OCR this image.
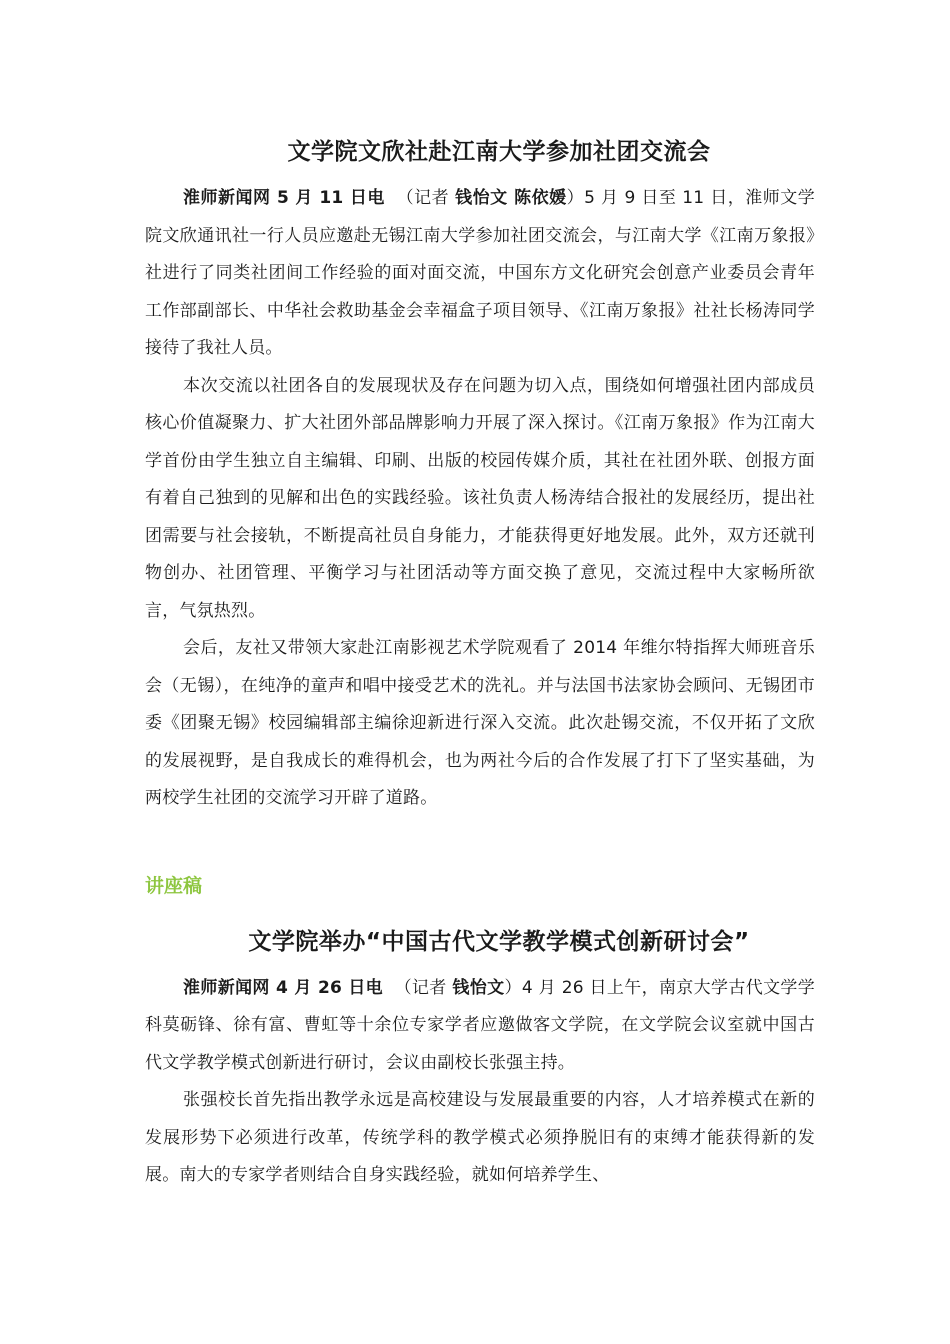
文学院文欣社赴江南大学参加社团交流会

淮师新闻网 5 月 11 日电 （记者 钱怡文 陈依媛）5 月 9 日至 11 日，淮师文学院文欣通讯社一行人员应邀赴无锡江南大学参加社团交流会，与江南大学《江南万象报》社进行了同类社团间工作经验的面对面交流，中国东方文化研究会创意产业委员会青年工作部副部长、中华社会救助基金会幸福盒子项目领导、《江南万象报》社社长杨涛同学接待了我社人员。

本次交流以社团各自的发展现状及存在问题为切入点，围绕如何增强社团内部成员核心价值凝聚力、扩大社团外部品牌影响力开展了深入探讨。《江南万象报》作为江南大学首份由学生独立自主编辑、印刷、出版的校园传媒介质，其社在社团外联、创报方面有着自己独到的见解和出色的实践经验。该社负责人杨涛结合报社的发展经历，提出社团需要与社会接轨，不断提高社员自身能力，才能获得更好地发展。此外，双方还就刊物创办、社团管理、平衡学习与社团活动等方面交换了意见，交流过程中大家畅所欲言，气氛热烈。

会后，友社又带领大家赴江南影视艺术学院观看了 2014 年维尔特指挥大师班音乐会（无锡），在纯净的童声和唱中接受艺术的洗礼。并与法国书法家协会顾问、无锡团市委《团聚无锡》校园编辑部主编徐迎新进行深入交流。此次赴锡交流，不仅开拓了文欣的发展视野，是自我成长的难得机会，也为两社今后的合作发展了打下了坚实基础，为两校学生社团的交流学习开辟了道路。

讲座稿
文学院举办“中国古代文学教学模式创新研讨会”

淮师新闻网 4 月 26 日电 （记者 钱怡文）4 月 26 日上午，南京大学古代文学学科莫砺锋、徐有富、曹虹等十余位专家学者应邀做客文学院，在文学院会议室就中国古代文学教学模式创新进行研讨，会议由副校长张强主持。

张强校长首先指出教学永远是高校建设与发展最重要的内容，人才培养模式在新的发展形势下必须进行改革，传统学科的教学模式必须挣脱旧有的束缚才能获得新的发展。南大的专家学者则结合自身实践经验，就如何培养学生、
